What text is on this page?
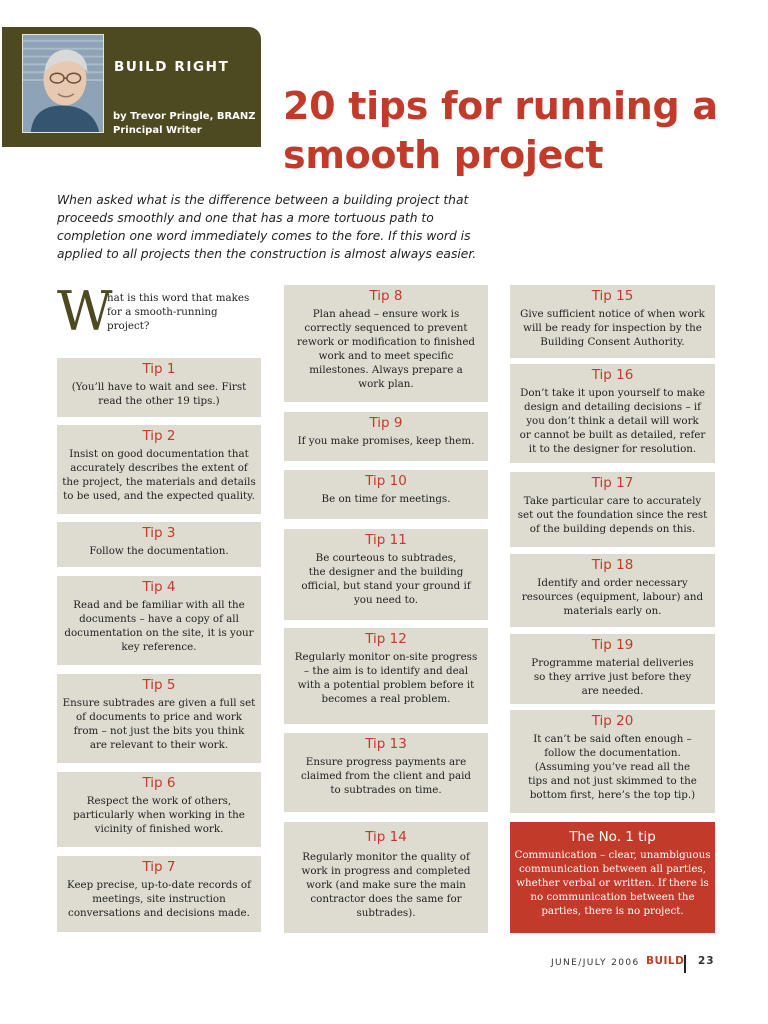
BUILD RIGHT
by Trevor Pringle, BRANZ
Principal Writer
20 tips for running a
smooth project
When asked what is the difference between a building project that
proceeds smoothly and one that has a more tortuous path to
completion one word immediately comes to the fore. If this word is
applied to all projects then the construction is almost always easier.
W
hat is this word that makes
for a smooth-running
project?
Tip 1
(You’ll have to wait and see. First
read the other 19 tips.)
Tip 2
Insist on good documentation that
accurately describes the extent of
the project, the materials and details
to be used, and the expected quality.
Tip 3
Follow the documentation.
Tip 4
Read and be familiar with all the
documents – have a copy of all
documentation on the site, it is your
key reference.
Tip 5
Ensure subtrades are given a full set
of documents to price and work
from – not just the bits you think
are relevant to their work.
Tip 6
Respect the work of others,
particularly when working in the
vicinity of finished work.
Tip 7
Keep precise, up-to-date records of
meetings, site instruction
conversations and decisions made.
Tip 8
Plan ahead – ensure work is
correctly sequenced to prevent
rework or modification to finished
work and to meet specific
milestones. Always prepare a
work plan.
Tip 9
If you make promises, keep them.
Tip 10
Be on time for meetings.
Tip 11
Be courteous to subtrades,
the designer and the building
official, but stand your ground if
you need to.
Tip 12
Regularly monitor on-site progress
– the aim is to identify and deal
with a potential problem before it
becomes a real problem.
Tip 13
Ensure progress payments are
claimed from the client and paid
to subtrades on time.
Tip 14
Regularly monitor the quality of
work in progress and completed
work (and make sure the main
contractor does the same for
subtrades).
Tip 15
Give sufficient notice of when work
will be ready for inspection by the
Building Consent Authority.
Tip 16
Don’t take it upon yourself to make
design and detailing decisions – if
you don’t think a detail will work
or cannot be built as detailed, refer
it to the designer for resolution.
Tip 17
Take particular care to accurately
set out the foundation since the rest
of the building depends on this.
Tip 18
Identify and order necessary
resources (equipment, labour) and
materials early on.
Tip 19
Programme material deliveries
so they arrive just before they
are needed.
Tip 20
It can’t be said often enough –
follow the documentation.
(Assuming you’ve read all the
tips and not just skimmed to the
bottom first, here’s the top tip.)
The No. 1 tip
Communication – clear, unambiguous
communication between all parties,
whether verbal or written. If there is
no communication between the
parties, there is no project.
JUNE/JULY 2006 BUILD 23
